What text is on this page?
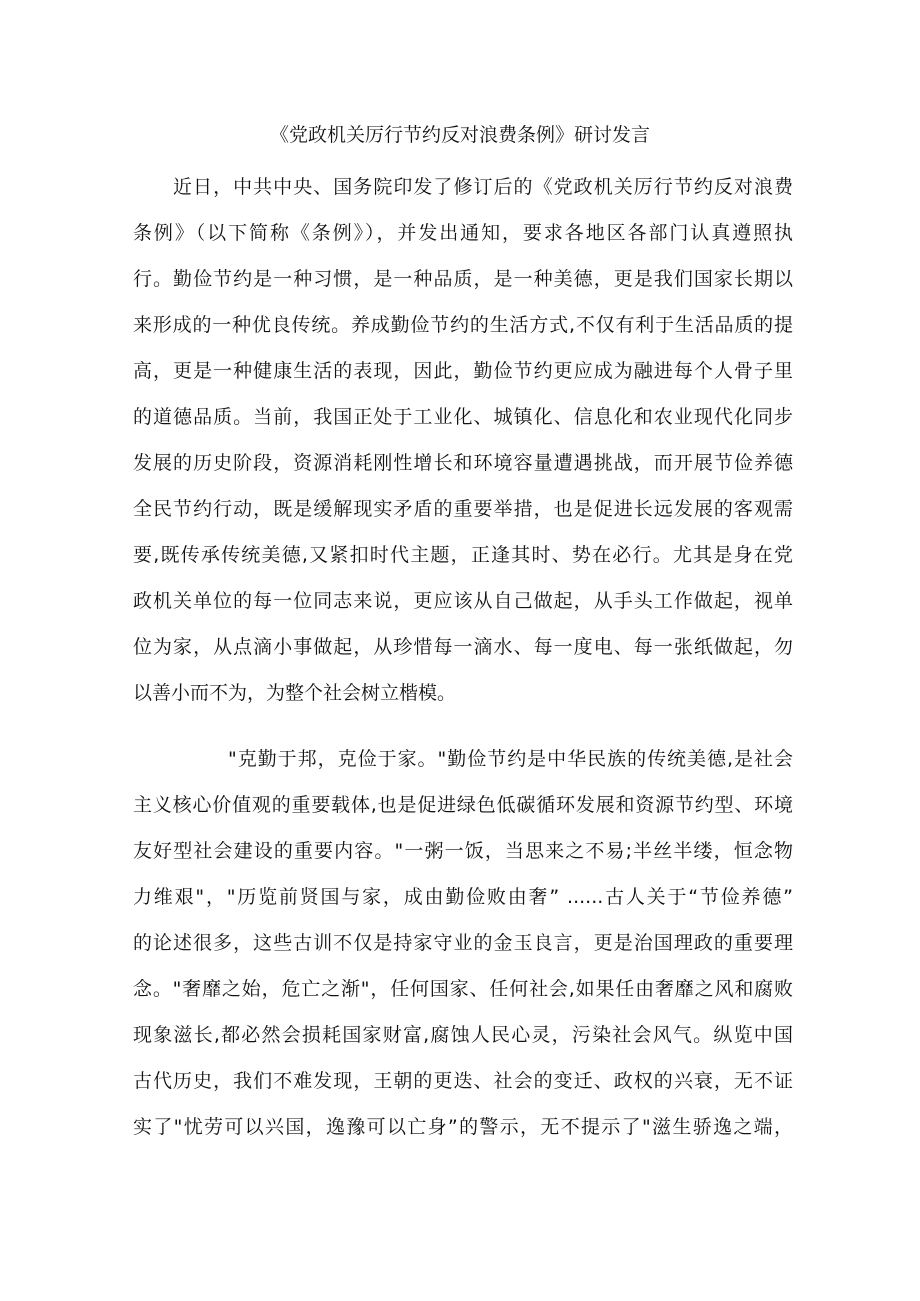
《党政机关厉行节约反对浪费条例》研讨发言

近日，中共中央、国务院印发了修订后的《党政机关厉行节约反对浪费

条例》（以下简称《条例》），并发出通知，要求各地区各部门认真遵照执

行。勤俭节约是一种习惯，是一种品质，是一种美德，更是我们国家长期以

来形成的一种优良传统。养成勤俭节约的生活方式,不仅有利于生活品质的提

高，更是一种健康生活的表现，因此，勤俭节约更应成为融进每个人骨子里

的道德品质。当前，我国正处于工业化、城镇化、信息化和农业现代化同步

发展的历史阶段，资源消耗刚性增长和环境容量遭遇挑战，而开展节俭养德

全民节约行动，既是缓解现实矛盾的重要举措，也是促进长远发展的客观需

要,既传承传统美德,又紧扣时代主题，正逢其时、势在必行。尤其是身在党

政机关单位的每一位同志来说，更应该从自己做起，从手头工作做起，视单

位为家，从点滴小事做起，从珍惜每一滴水、每一度电、每一张纸做起，勿

以善小而不为，为整个社会树立楷模。

"克勤于邦，克俭于家。"勤俭节约是中华民族的传统美德,是社会

主义核心价值观的重要载体,也是促进绿色低碳循环发展和资源节约型、环境

友好型社会建设的重要内容。"一粥一饭，当思来之不易;半丝半缕，恒念物

力维艰"，"历览前贤国与家，成由勤俭败由奢” ......古人关于“节俭养德”

的论述很多，这些古训不仅是持家守业的金玉良言，更是治国理政的重要理

念。"奢靡之始，危亡之渐"，任何国家、任何社会,如果任由奢靡之风和腐败

现象滋长,都必然会损耗国家财富,腐蚀人民心灵，污染社会风气。纵览中国

古代历史，我们不难发现，王朝的更迭、社会的变迁、政权的兴衰，无不证

实了"忧劳可以兴国，逸豫可以亡身”的警示，无不提示了"滋生骄逸之端，
